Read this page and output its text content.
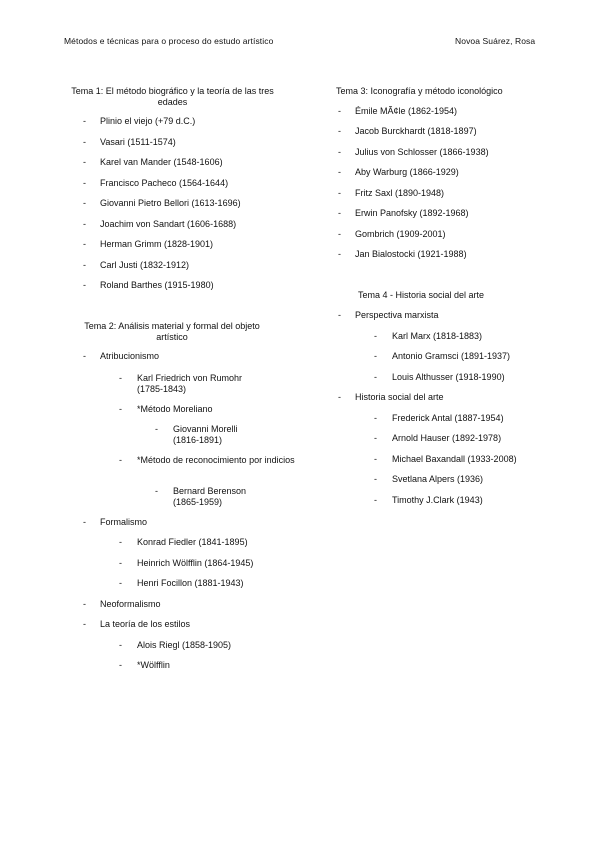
Métodos e técnicas para o proceso do estudo artístico	Novoa Suárez, Rosa
Tema 1: El método biográfico y la teoría de las tres edades
- Plinio el viejo (+79 d.C.)
- Vasari (1511-1574)
- Karel van Mander (1548-1606)
- Francisco Pacheco (1564-1644)
- Giovanni Pietro Bellori (1613-1696)
- Joachim von Sandart (1606-1688)
- Herman Grimm (1828-1901)
- Carl Justi (1832-1912)
- Roland Barthes (1915-1980)
Tema 2: Análisis material y formal del objeto artístico
- Atribucionismo
- Karl Friedrich von Rumohr (1785-1843)
- *Método Moreliano
- Giovanni Morelli (1816-1891)
- *Método de reconocimiento por indicios
- Bernard Berenson (1865-1959)
- Formalismo
- Konrad Fiedler (1841-1895)
- Heinrich Wölfflin (1864-1945)
- Henri Focillon (1881-1943)
- Neoformalismo
- La teoría de los estilos
- Alois Riegl (1858-1905)
- *Wölfflin
Tema 3: Iconografía y método iconológico
- Émile MÃ¢le (1862-1954)
- Jacob Burckhardt (1818-1897)
- Julius von Schlosser (1866-1938)
- Aby Warburg (1866-1929)
- Fritz Saxl (1890-1948)
- Erwin Panofsky (1892-1968)
- Gombrich (1909-2001)
- Jan Bialostocki (1921-1988)
Tema 4 - Historia social del arte
- Perspectiva marxista
- Karl Marx (1818-1883)
- Antonio Gramsci (1891-1937)
- Louis Althusser (1918-1990)
- Historia social del arte
- Frederick Antal (1887-1954)
- Arnold Hauser (1892-1978)
- Michael Baxandall (1933-2008)
- Svetlana Alpers (1936)
- Timothy J.Clark (1943)
